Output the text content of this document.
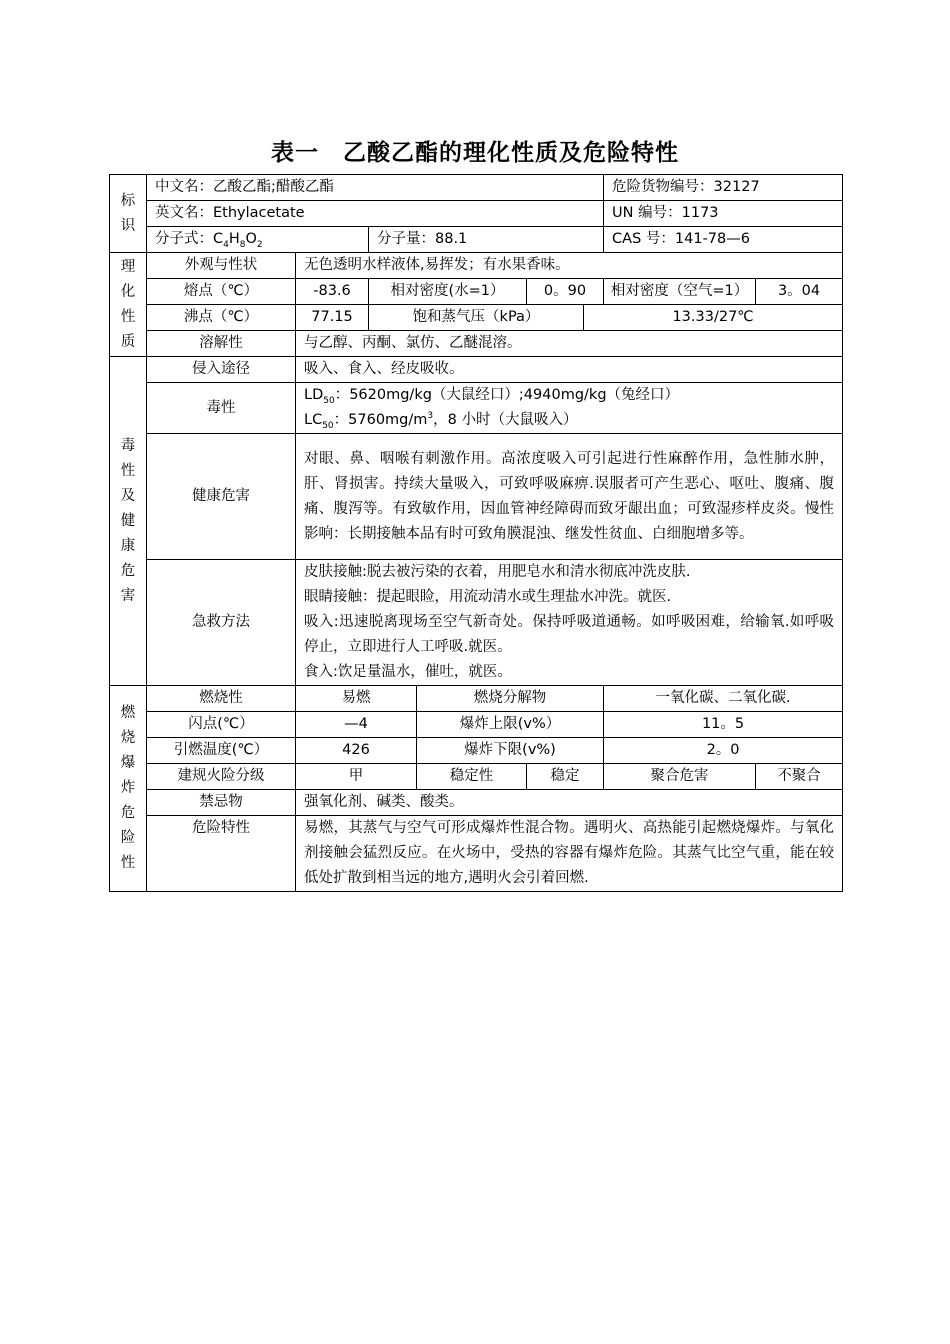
表一　乙酸乙酯的理化性质及危险特性
标识	中文名：乙酸乙酯;醋酸乙酯						危险货物编号：32127	
	英文名：Ethylacetate						UN 编号：1173	
	分子式：$C_4H_8O_2$		分子量：88.1				CAS 号：141-78—6	

理化性质	外观与性状	无色透明水样液体,易挥发；有水果香味。						
	熔点（℃）	-83.6	相对密度(水=1）		0。90		相对密度（空气=1）	3。04
	沸点（℃）	77.15	饱和蒸气压（kPa）			13.33/27℃		
	溶解性	与乙醇、丙酮、氯仿、乙醚混溶。						

毒性及健康危害	侵入途径	吸入、食入、经皮吸收。						
	毒性	$LD_{50}$：5620mg/kg（大鼠经口）;4940mg/kg（兔经口）
$LC_{50}$：$5760mg/m^3$，8 小时（大鼠吸入）						

	健康危害	对眼、鼻、咽喉有刺激作用。高浓度吸入可引起进行性麻醉作用，急性肺水肿，肝、肾损害。持续大量吸入，可致呼吸麻痹.误服者可产生恶心、呕吐、腹痛、腹痛、腹泻等。有致敏作用，因血管神经障碍而致牙龈出血；可致湿疹样皮炎。慢性影响：长期接触本品有时可致角膜混浊、继发性贫血、白细胞增多等。						
	急救方法	皮肤接触:脱去被污染的衣着，用肥皂水和清水彻底冲洗皮肤.
眼睛接触：提起眼睑，用流动清水或生理盐水冲洗。就医.
吸入:迅速脱离现场至空气新奇处。保持呼吸道通畅。如呼吸困难，给输氧.如呼吸停止，立即进行人工呼吸.就医。
食入:饮足量温水，催吐，就医。						

燃烧爆炸危险性	燃烧性	易燃		燃烧分解物			一氧化碳、二氧化碳.	
	闪点(℃）	—4		爆炸上限(v%）			11。5	
	引燃温度(℃）	426		爆炸下限(v%)			2。0	
	建规火险分级	甲		稳定性	稳定		聚合危害	不聚合
	禁忌物	强氧化剂、碱类、酸类。						
	危险特性	易燃，其蒸气与空气可形成爆炸性混合物。遇明火、高热能引起燃烧爆炸。与氧化剂接触会猛烈反应。在火场中，受热的容器有爆炸危险。其蒸气比空气重，能在较低处扩散到相当远的地方,遇明火会引着回燃.						
